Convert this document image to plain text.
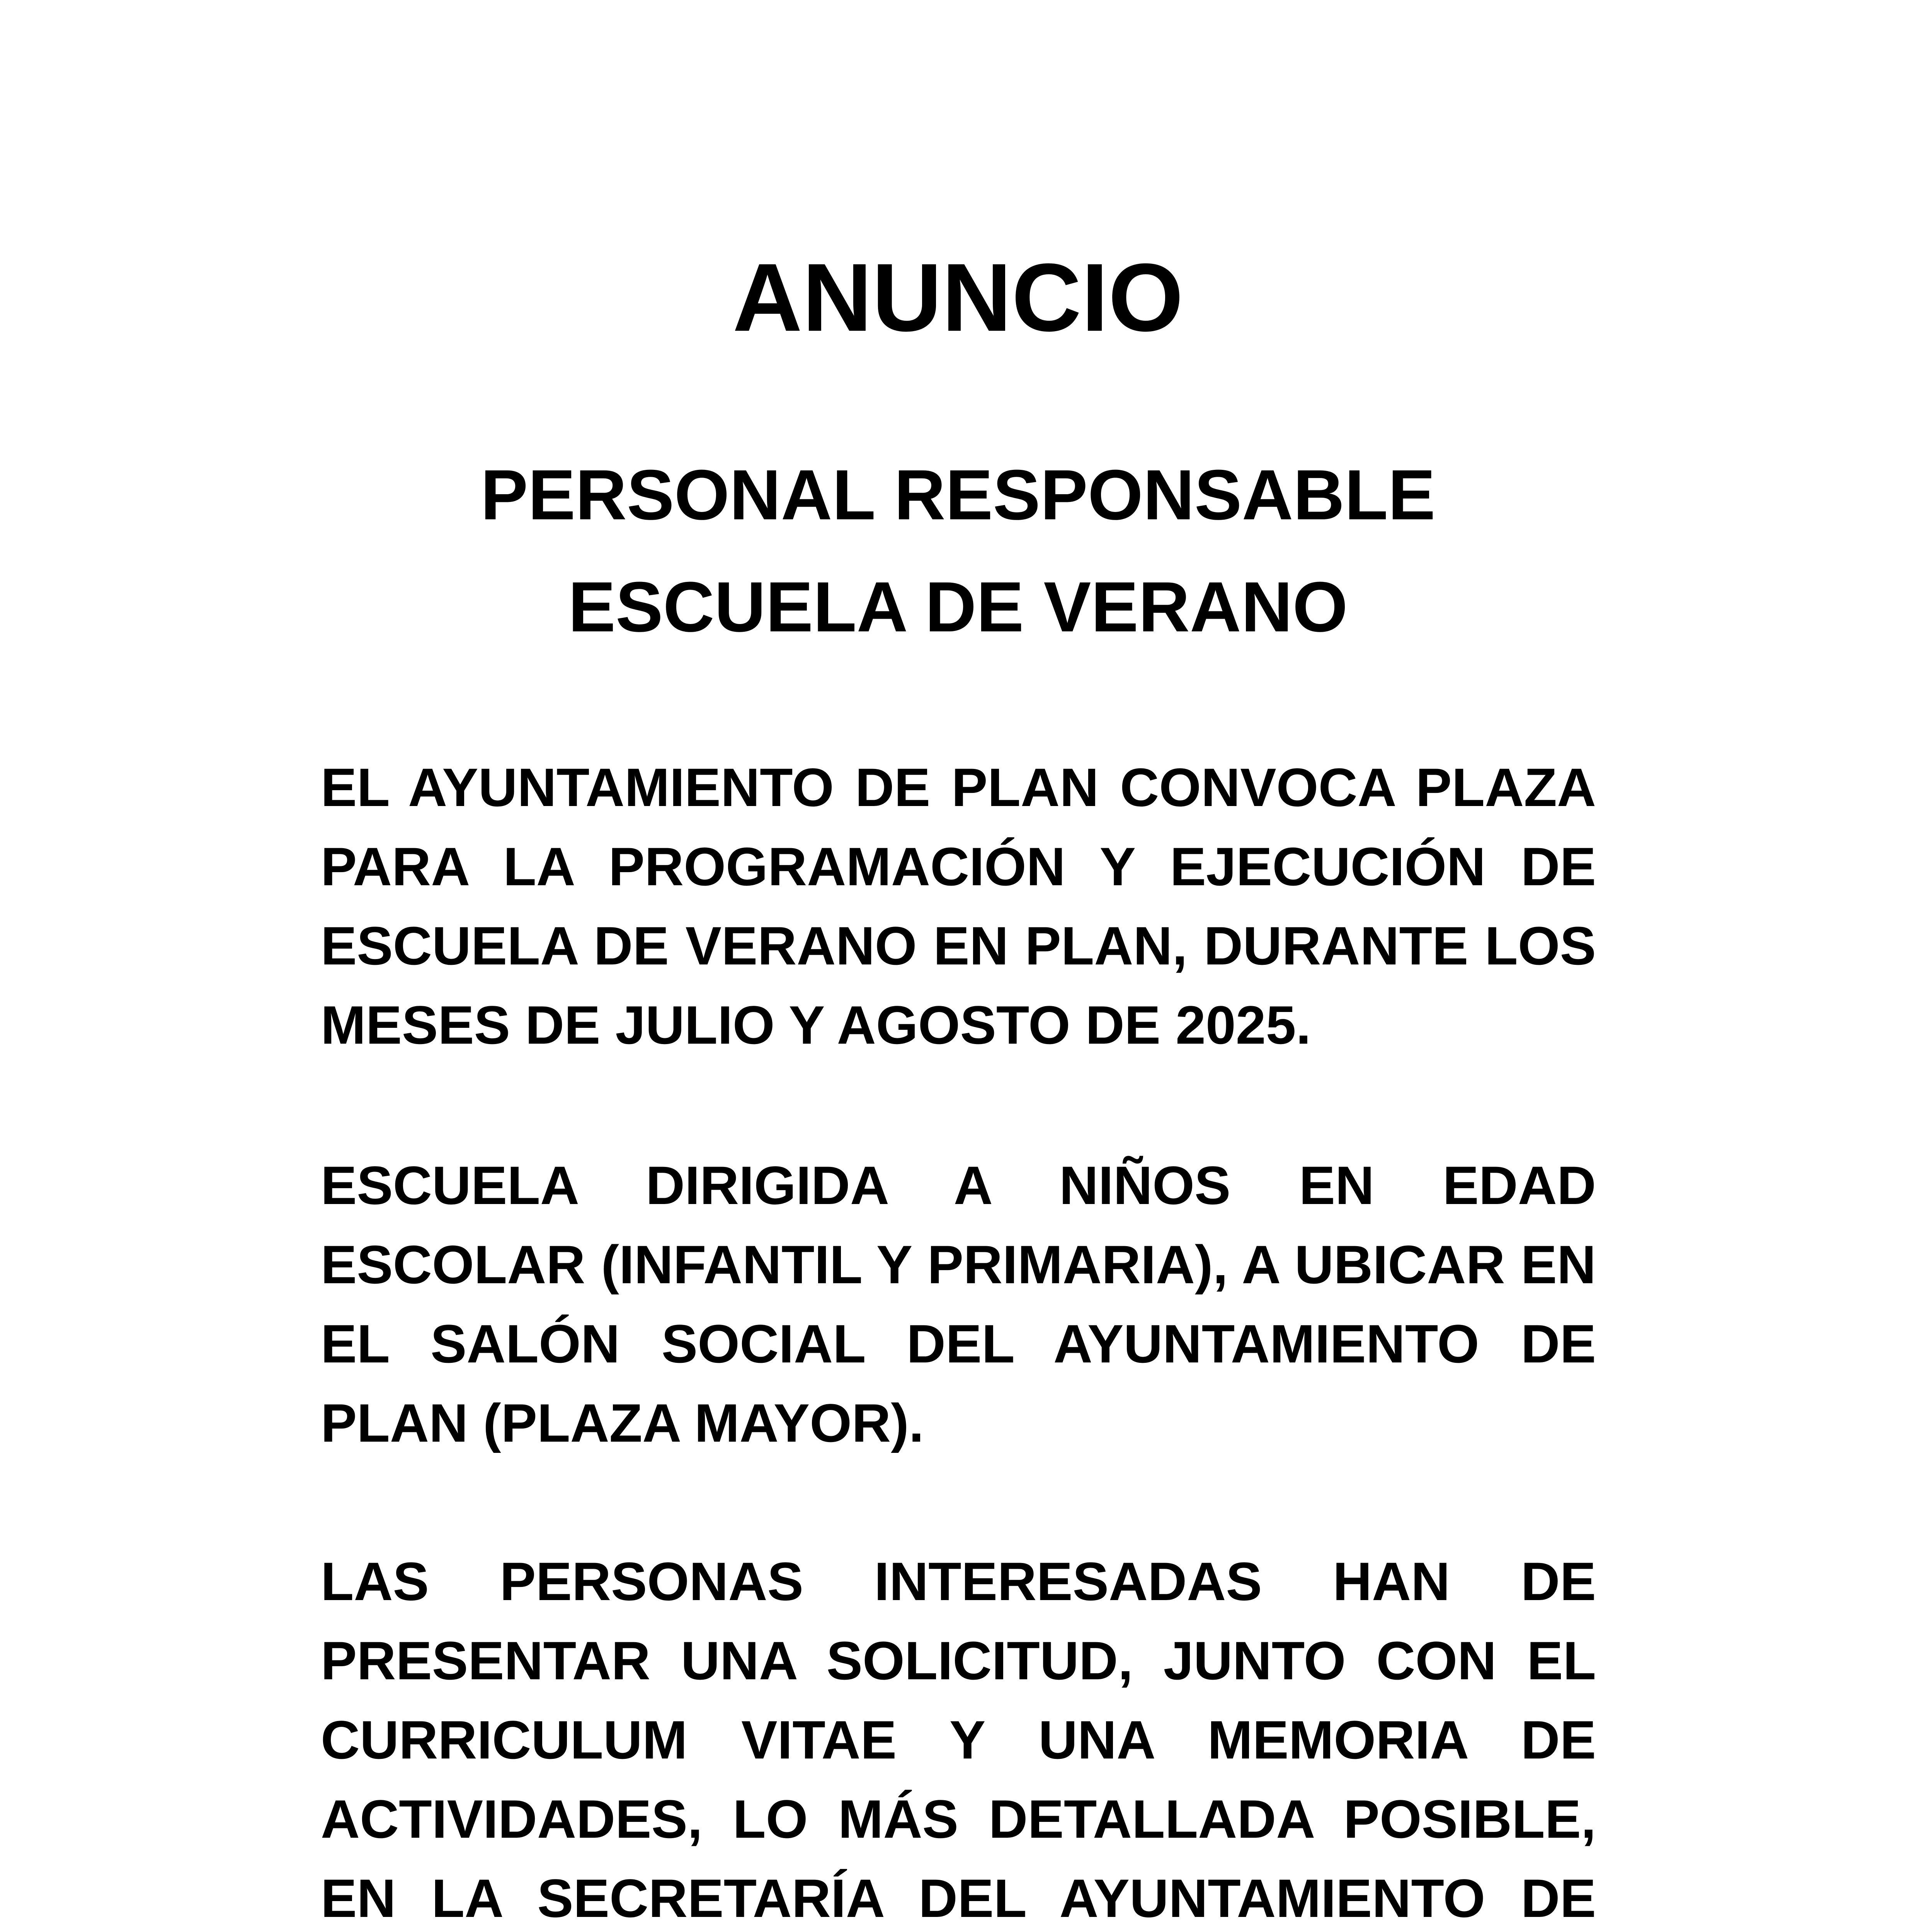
ANUNCIO
PERSONAL RESPONSABLE
ESCUELA DE VERANO

EL AYUNTAMIENTO DE PLAN CONVOCA PLAZA PARA LA PROGRAMACIÓN Y EJECUCIÓN DE ESCUELA DE VERANO EN PLAN, DURANTE LOS MESES DE JULIO Y AGOSTO DE 2025.

ESCUELA DIRIGIDA A NIÑOS EN EDAD ESCOLAR (INFANTIL Y PRIMARIA), A UBICAR EN EL SALÓN SOCIAL DEL AYUNTAMIENTO DE PLAN (PLAZA MAYOR).

LAS PERSONAS INTERESADAS HAN DE PRESENTAR UNA SOLICITUD, JUNTO CON EL CURRICULUM VITAE Y UNA MEMORIA DE ACTIVIDADES, LO MÁS DETALLADA POSIBLE, EN LA SECRETARÍA DEL AYUNTAMIENTO DE
